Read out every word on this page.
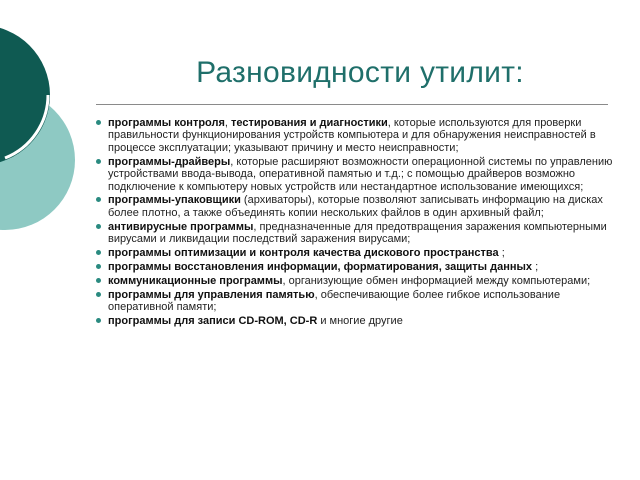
Разновидности утилит:
программы контроля, тестирования и диагностики, которые используются для проверки правильности функционирования устройств компьютера и для обнаружения неисправностей в процессе эксплуатации; указывают причину и место неисправности;
программы-драйверы, которые расширяют возможности операционной системы по управлению устройствами ввода-вывода, оперативной памятью и т.д.; с помощью драйверов возможно подключение к компьютеру новых устройств или нестандартное использование имеющихся;
программы-упаковщики (архиваторы), которые позволяют записывать информацию на дисках более плотно, а также объединять копии нескольких файлов в один архивный файл;
антивирусные программы, предназначенные для предотвращения заражения компьютерными вирусами и ликвидации последствий заражения вирусами;
программы оптимизации и контроля качества дискового пространства ;
программы восстановления информации, форматирования, защиты данных ;
коммуникационные программы, организующие обмен информацией между компьютерами;
программы для управления памятью, обеспечивающие более гибкое использование оперативной памяти;
программы для записи CD-ROM, CD-R и многие другие
